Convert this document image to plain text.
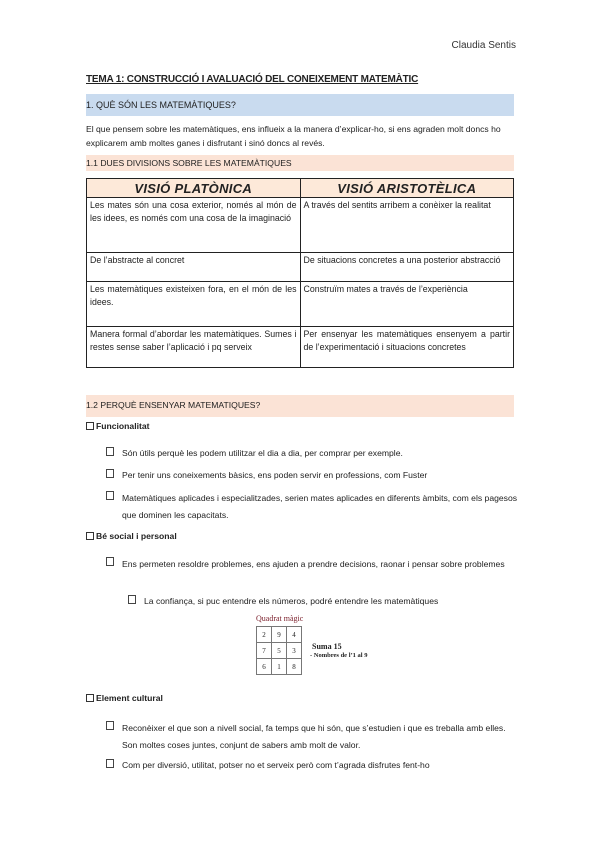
Claudia Sentis
TEMA 1: CONSTRUCCIÓ I AVALUACIÓ DEL CONEIXEMENT MATEMÀTIC
1. QUÈ SÓN LES MATEMÀTIQUES?
El que pensem sobre les matemàtiques, ens influeix a la manera d’explicar-ho, si ens agraden molt doncs ho explicarem amb moltes ganes i disfrutant i sinó doncs al revés.
1.1 DUES DIVISIONS SOBRE LES MATEMÀTIQUES
VISIÓ PLATÒNICA	VISIÓ ARISTOTÈLICA
Les mates són una cosa exterior, només al món de les idees, es només com una cosa de la imaginació	A través del sentits arribem a conèixer la realitat
De l’abstracte al concret	De situacions concretes a una posterior abstracció
Les matemàtiques existeixen fora, en el món de les idees.	Construïm mates a través de l’experiència
Manera formal d’abordar les matemàtiques. Sumes i restes sense saber l’aplicació i pq serveix	Per ensenyar les matemàtiques ensenyem a partir de l’experimentació i situacions concretes
1.2 PERQUÈ ENSENYAR MATEMATIQUES?
Funcionalitat
Són útils perquè les podem utilitzar el dia a dia, per comprar per exemple.
Per tenir uns coneixements bàsics, ens poden servir en professions, com Fuster
Matemàtiques aplicades i especialitzades, serien mates aplicades en diferents àmbits, com els pagesos que dominen les capacitats.
Bé social i personal
Ens permeten resoldre problemes, ens ajuden a prendre decisions, raonar i pensar sobre problemes
La confiança, si puc entendre els números, podré entendre les matemàtiques
Quadrat màgic
2	9	4
7	5	3
6	1	8
Suma 15
- Nombres de l’1 al 9
Element cultural
Reconèixer el que son a nivell social, fa temps que hi són, que s’estudien i que es treballa amb elles. Son moltes coses juntes, conjunt de sabers amb molt de valor.
Com per diversió, utilitat, potser no et serveix però com t’agrada disfrutes fent-ho
